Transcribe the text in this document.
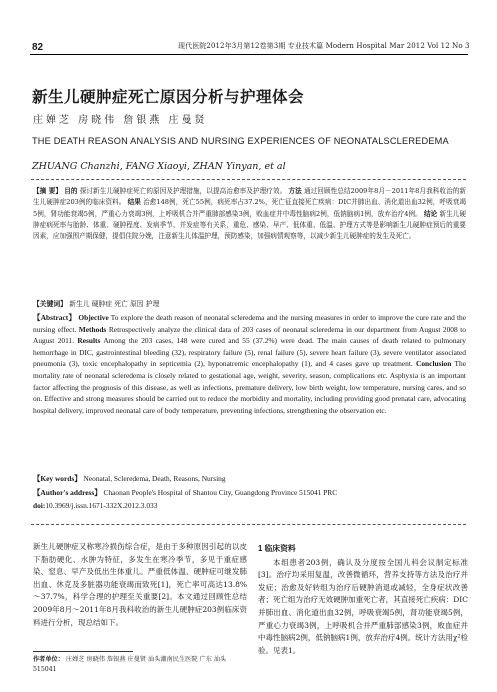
82	现代医院2012年3月第12卷第3期 专业技术篇 Modern Hospital Mar 2012 Vol 12 No 3
新生儿硬肿症死亡原因分析与护理体会
庄婵芝 房晓伟 詹银燕 庄曼贤
THE DEATH REASON ANALYSIS AND NURSING EXPERIENCES OF NEONATALSCLEREDEMA
ZHUANG Chanzhi, FANG Xiaoyi, ZHAN Yinyan, et al
【摘 要】 目的 探讨新生儿硬肿症死亡的原因及护理措施，以提高治愈率及护理疗效。 方法 通过回顾性总结2009年8月－2011年8月我科收治的新生儿硬肿症203例的临床资料。 结果 治愈148例，死亡55例，病死率占37.2%，死亡征直接死亡疾病：DIC并肺出血、消化道出血32例，呼吸衰竭5例，肾功能衰竭5例，严重心力衰竭3例，上呼吸机合并严重肺部感染3例，败血症并中毒性脑病2例，低钠脑病1例，放弃治疗4例。 结论 新生儿硬肿症病死率与胎龄、体重、硬肿程度、发病季节、并发症等有关系，重危、感染、早产、低体重、低温、护理方式等是影响新生儿硬肿症预后的重要因素，应加强围产期保健，提倡住院分娩，注意新生儿体温护理，预防感染，加强病情观察等，以减少新生儿硬肿症的发生及死亡。
【关键词】 新生儿 硬肿症 死亡 原因 护理
【Abstract】 Objective To explore the death reason of neonatal scleredema and the nursing measures in order to improve the cure rate and the nursing effect. Methods Retrospectively analyze the clinical data of 203 cases of neonatal scleredema in our department from August 2008 to August 2011. Results Among the 203 cases, 148 were cured and 55 (37.2%) were dead. The main causes of death related to pulmonary hemorrhage in DIC, gastrointestinal bleeding (32), respiratory failure (5), renal failure (5), severe heart failure (3), severe ventilator associated pneumonia (3), toxic encephalopathy in septicemia (2), hyponatremic encephalopathy (1), and 4 cases gave up treatment. Conclusion The mortality rate of neonatal scleredema is closely related to gestational age, weight, severity, season, complications etc. Asphyxia is an important factor affecting the prognosis of this disease, as well as infections, premature delivery, low birth weight, low temperature, nursing cares, and so on. Effective and strong measures should be carried out to reduce the morbidity and mortality, including providing good prenatal care, advocating hospital delivery, improved neonatal care of body temperature, preventing infections, strengthening the observation etc.
【Key words】 Neonatal, Scleredema, Death, Reasons, Nursing
【Author's address】 Chaonan People's Hospital of Shantou City, Guangdong Province 515041 PRC
doi:10.3969/j.issn.1671-332X.2012.3.033
新生儿硬肿症又称寒冷损伤综合症，是由于多种原因引起的以皮下脂肪硬化、水肿为特征，多发生在寒冷季节，多见于重症感染、窒息、早产及低出生体重儿。严重低体温、硬肿症可继发肺出血、休克及多脏器功能衰竭而致死[1]，死亡率可高达13.8%～37.7%，科学合理的护理至关重要[2]。本文通过回顾性总结2009年8月～2011年8月我科收治的新生儿硬肿症203例临床资料进行分析，现总结如下。
1 临床资料
本组患者203例，确认及分度按全国儿科会议制定标准[3]。治疗均采用复温，改善微循环，营养支持等方法及治疗并发症；治愈及好转组为治疗后硬肿消退或减轻，全身症状改善者；死亡组为治疗无效硬肿加重死亡者，其直接死亡疾病：DIC并肺出血、消化道出血32例，呼吸衰竭5例，肾功能衰竭5例，严重心力衰竭3例，上呼吸机合并严重肺部感染3例，败血症并中毒性脑病2例，低钠脑病1例，放弃治疗4例。统计方法用χ²检验。见表1。
作者单位： 庄婵芝 房晓伟 詹银燕 庄曼贤 汕头潮南民生医院 广东 汕头 515041
